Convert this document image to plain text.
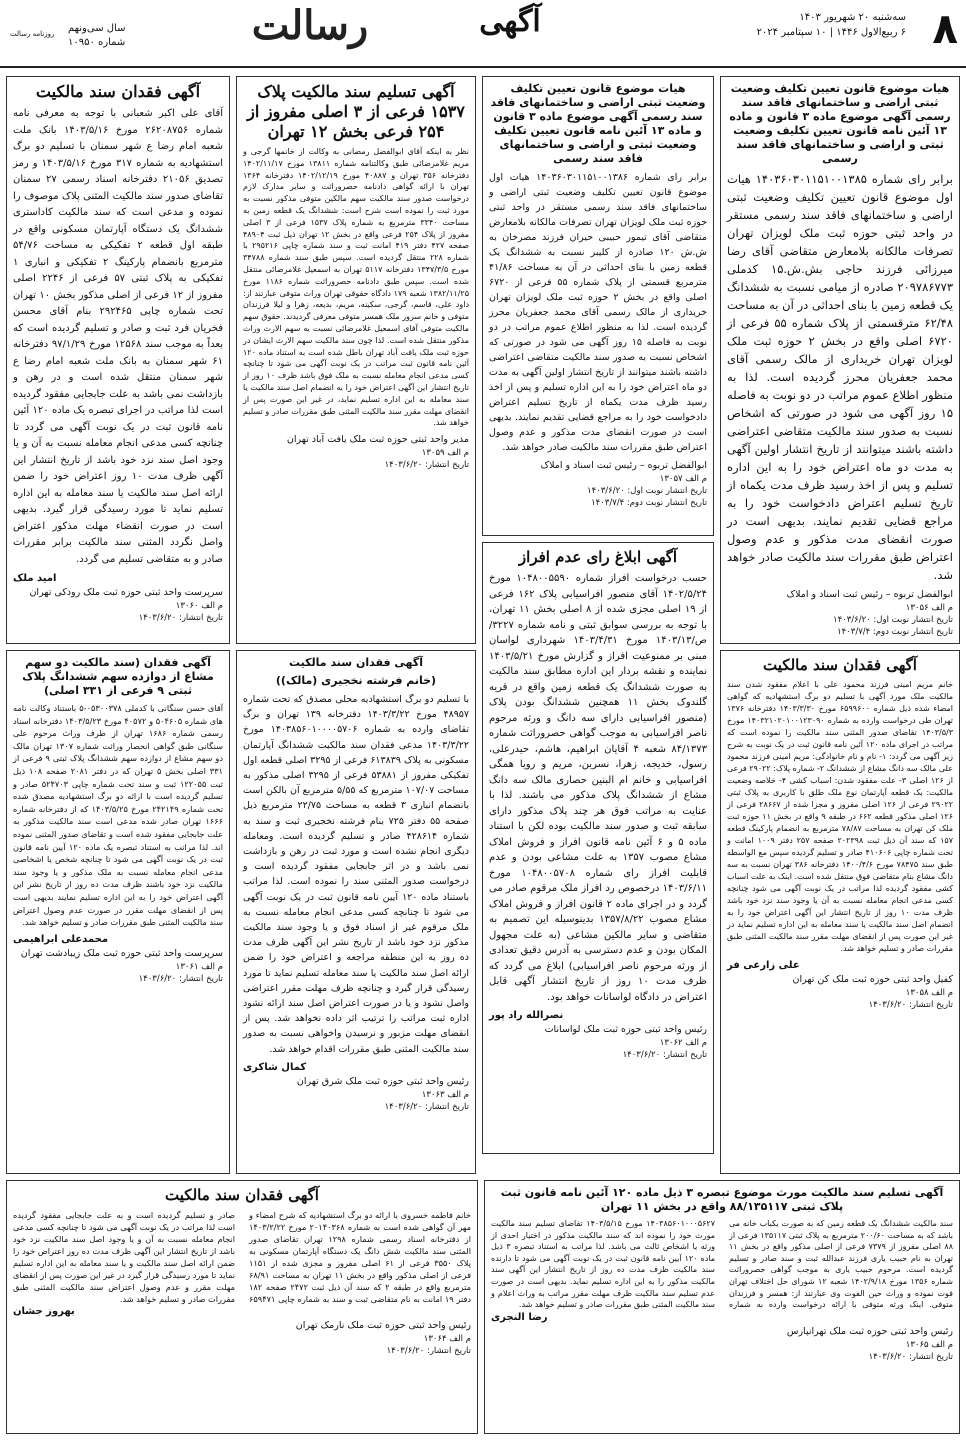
۸
سه‌شنبه ۲۰ شهریور ۱۴۰۳
۶ ربیع‌الاول ۱۴۴۶ | ۱۰ سپتامبر ۲۰۲۴
آگهی
رسالت
سال سی‌ونهم
شماره ۱۰۹۵۰
روزنامه رسالت
هیات موضوع قانون تعیین تکلیف وضعیت ثبتی اراضی و ساختمانهای فاقد سند رسمی آگهی موضوع ماده ۳ قانون و ماده ۱۳ آئین نامه قانون تعیین تکلیف وضعیت ثبتی و اراضی و ساختمانهای فاقد سند رسمی

برابر رای شماره ۱۴۰۳۶۰۳۰۱۱۵۱۰۰۱۳۸۵ هیات اول موضوع قانون تعیین تکلیف وضعیت ثبتی اراضی و ساختمانهای فاقد سند رسمی مستقر در واحد ثبتی حوزه ثبت ملک لویزان تهران تصرفات مالکانه بلامعارض متقاضی آقای رضا میرزائی فرزند حاجی بش.ش.۱۵ کدملی ۲۰۹۷۸۶۷۷۳ صادره از میامی نسبت به ششدانگ یک قطعه زمین با بنای احداثی در آن به مساحت ۶۲/۴۸ مترقسمتی از پلاک شماره ۵۵ فرعی از ۶۷۲۰ اصلی واقع در بخش ۲ حوزه ثبت ملک لویزان تهران خریداری از مالک رسمی آقای محمد جعفریان محرز گردیده است. لذا به منظور اطلاع عموم مراتب در دو نوبت به فاصله ۱۵ روز آگهی می شود در صورتی که اشخاص نسبت به صدور سند مالکیت متقاضی اعتراضی داشته باشند میتوانند از تاریخ انتشار اولین آگهی به مدت دو ماه اعتراض خود را به این اداره تسلیم و پس از اخذ رسید ظرف مدت یکماه از تاریخ تسلیم اعتراض دادخواست خود را به مراجع قضایی تقدیم نمایند. بدیهی است در صورت انقضای مدت مذکور و عدم وصول اعتراض طبق مقررات سند مالکیت صادر خواهد شد.

ابوالفضل تربوه – رئیس ثبت اسناد و املاک
م الف ۱۳۰۵۶
تاریخ انتشار نوبت اول: ۱۴۰۳/۶/۲۰
تاریخ انتشار نوبت دوم: ۱۴۰۳/۷/۴
هیات موضوع قانون تعیین تکلیف وضعیت ثبتی اراضی و ساختمانهای فاقد سند رسمی آگهی موضوع ماده ۳ قانون و ماده ۱۳ آئین نامه قانون تعیین تکلیف وضعیت ثبتی و اراضی و ساختمانهای فاقد سند رسمی

برابر رای شماره ۱۴۰۳۶۰۳۰۱۱۵۱۰۰۱۳۸۶ هیات اول موضوع قانون تعیین تکلیف وضعیت ثبتی اراضی و ساختمانهای فاقد سند رسمی مستقر در واحد ثبتی حوزه ثبت ملک لویزان تهران تصرفات مالکانه بلامعارض متقاضی آقای تیمور حبیبی حیران فرزند مصرخان به ش.ش ۱۲۰ صادره از کلیبر نسبت به ششدانگ یک قطعه زمین با بنای احداثی در آن به مساحت ۴۱/۸۶ مترمربع قسمتی از پلاک شماره ۵۵ فرعی از ۶۷۲۰ اصلی واقع در بخش ۲ حوزه ثبت ملک لویزان تهران خریداری از مالک رسمی آقای محمد جعفریان محرز گردیده است. لذا به منظور اطلاع عموم مراتب در دو نوبت به فاصله ۱۵ روز آگهی می شود در صورتی که اشخاص نسبت به صدور سند مالکیت متقاضی اعتراضی داشته باشند میتوانند از تاریخ انتشار اولین آگهی به مدت دو ماه اعتراض خود را به این اداره تسلیم و پس از اخذ رسید ظرف مدت یکماه از تاریخ تسلیم اعتراض دادخواست خود را به مراجع قضایی تقدیم نمایند. بدیهی است در صورت انقضای مدت مذکور و عدم وصول اعتراض طبق مقررات سند مالکیت صادر خواهد شد.

ابوالفضل تربوه – رئیس ثبت اسناد و املاک
م الف ۱۳۰۵۷
تاریخ انتشار نوبت اول: ۱۴۰۳/۶/۲۰
تاریخ انتشار نوبت دوم: ۱۴۰۳/۷/۴
آگهی ابلاغ رای عدم افراز

حسب درخواست افراز شماره ۱۰۴۸۰۰۵۵۹۰ مورخ ۱۴۰۲/۵/۲۴ آقای منصور افراسیابی پلاک ۱۶۲ فرعی از ۱۹ اصلی مجزی شده از ۸ اصلی بخش ۱۱ تهران، با توجه به بررسی سوابق ثبتی و نامه شماره ۳۲۲۷/ص/۱۴۰۳/۱۳ مورخ ۱۴۰۳/۴/۳۱ شهرداری لواسان مبنی بر ممنوعیت افراز و گزارش مورخ ۱۴۰۳/۵/۲۱ نماینده و نقشه بردار این اداره مطابق سند مالکیت به صورت ششدانگ یک قطعه زمین واقع در قریه گلندوک بخش ۱۱ همچنین ششدانگ بودن پلاک (منصور افراسیابی دارای سه دانگ و ورثه مرحوم ناصر افراسیابی به موجب گواهی حصروراثت شماره ۸۴/۱۳۷۳ شعبه ۴ آقایان ابراهیم، هاشم، حیدرعلی، رسول، خدیجه، زهرا، نسرین، مریم و رویا همگی افراسیابی و خانم ام البنین حصاری مالک سه دانگ مشاع از ششدانگ پلاک مذکور می باشند. لذا با عنایت به مراتب فوق هر چند پلاک مذکور دارای سابقه ثبت و صدور سند مالکیت بوده لکن با استناد ماده ۵ و ۶ آئین نامه قانون افراز و فروش املاک مشاع مصوب ۱۳۵۷ به علت مشاعی بودن و عدم قابلیت افراز رای شماره ۱۰۴۸۰۰۵۷۰۸ مورخ ۱۴۰۳/۶/۱۱ درخصوص رد افراز ملک مرقوم صادر می گردد و در اجرای ماده ۲ قانون افراز و فروش املاک مشاع مصوب ۱۳۵۷/۸/۲۲ بدینوسیله این تصمیم به متقاضی و سایر مالکین مشاعی (به علت مجهول المکان بودن و عدم دسترسی به آدرس دقیق تعدادی از ورثه مرحوم ناصر افراسیابی) ابلاغ می گردد که ظرف مدت ۱۰ روز از تاریخ انتشار آگهی قابل اعتراض در دادگاه لواسانات خواهد بود.

نصرالله راد پور
رئیس واحد ثبتی حوزه ثبت ملک لواسانات
م الف ۱۳۰۶۲
تاریخ انتشار: ۱۴۰۳/۶/۲۰
آگهی تسلیم سند مالکیت پلاک ۱۵۳۷ فرعی از ۳ اصلی مفروز از ۲۵۴ فرعی بخش ۱۲ تهران

نظر به اینکه آقای ابوالفضل رمضانی به وکالت از خانمها گرجی و مریم غلامرضائی طبق وکالتنامه شماره ۱۳۸۱۱ مورخ ۱۴۰۲/۱۱/۱۷ دفترخانه ۳۵۶ تهران و ۴۰۸۸۷ مورخ ۱۴۰۲/۱۲/۱۹ دفترخانه ۱۳۶۴ تهران با ارائه گواهی دادنامه حصروراثت و سایر مدارک لازم درخواست صدور سند مالکیت سهم مالکین متوفی مذکور نسبت به مورد ثبت را نموده است شرح است: ششدانگ یک قطعه زمین به مساحت ۳۳۴۰ مترمربع به شماره پلاک ۱۵۳۷ فرعی از ۳ اصلی مفروز از پلاک ۲۵۴ فرعی واقع در بخش ۱۲ تهران ذیل ثبت ۴۸۹۰۴ صفحه ۴۲۷ دفتر ۴۱۹ امانت ثبت و سند شماره چاپی ۲۹۵۲۱۶ با شماره ۲۲۸ منتقل گردیده است. سپس طبق سند شماره ۳۴۷۸۸ مورخ ۱۳۴۷/۳/۵ دفترخانه ۵۱۱۷ تهران به اسمعیل غلامرضائی منتقل شده است. سپس طبق دادنامه حصروراثت شماره ۱۱۸۶ مورخ ۱۳۸۲/۱۱/۲۵ شعبه ۱۷۹ دادگاه حقوقی تهران وراث متوفی عبارتند از: داود علی، قاسم، گرجی، سکینه، مریم، بدیعه، زهرا و لیلا فرزندان متوفی و خانم سرور ملک همسر متوفی معرفی گردیدند. حقوق سهم مالکیت متوفی آقای اسمعیل غلامرضائی نسبت به سهم الارث وراث مذکور منتقل شده است. لذا چون سند مالکیت سهم الارث ایشان در حوزه ثبت ملک یافت آباد تهران باطل شده است به استناد ماده ۱۲۰ آئین نامه قانون ثبت مراتب در یک نوبت آگهی می شود تا چنانچه کسی مدعی انجام معامله نسبت به ملک فوق باشد ظرف ۱۰ روز از تاریخ انتشار این آگهی اعتراض خود را به انضمام اصل سند مالکیت یا سند معامله به این اداره تسلیم نماید، در غیر این صورت پس از انقضای مهلت مقرر سند مالکیت المثنی طبق مقررات صادر و تسلیم خواهد شد.

مدیر واحد ثبتی حوزه ثبت ملک یافت آباد تهران
م الف ۱۳۰۵۹
تاریخ انتشار: ۱۴۰۳/۶/۲۰
آگهی فقدان سند مالکیت

آقای علی اکبر شعبانی با توجه به معرفی نامه شماره ۲۶۲۰۸۷۵۶ مورخ ۱۴۰۳/۵/۱۶ بانک ملت شعبه امام رضا ع شهر سمنان با تسلیم دو برگ استشهادیه به شماره ۳۱۷ مورخ ۱۴۰۳/۵/۱۶ و رمز تصدیق ۲۱۰۵۶ دفترخانه اسناد رسمی ۲۷ سمنان تقاضای صدور سند مالکیت المثنی پلاک موصوف را نموده و مدعی است که سند مالکیت کاداستری ششدانگ یک دستگاه آپارتمان مسکونی واقع در طبقه اول قطعه ۲ تفکیکی به مساحت ۵۴/۷۶ مترمربع بانضمام پارکینگ ۲ تفکیکی و انباری ۱ تفکیکی به پلاک ثبتی ۵۷ فرعی از ۲۲۴۶ اصلی مفروز از ۱۲ فرعی از اصلی مذکور بخش ۱۰ تهران تحت شماره چاپی ۲۹۲۴۶۵ بنام آقای محسن فخریان فرد ثبت و صادر و تسلیم گردیده است که بعداً به موجب سند ۱۲۵۶۸ مورخ ۹۷/۱/۲۹ دفترخانه ۶۱ شهر سمنان به بانک ملت شعبه امام رضا ع شهر سمنان منتقل شده است و در رهن و بازداشت نمی باشد به علت جابجایی مفقود گردیده است لذا مراتب در اجرای تبصره یک ماده ۱۲۰ آئین نامه قانون ثبت در یک نوبت آگهی می گردد تا چنانچه کسی مدعی انجام معامله نسبت به آن و یا وجود اصل سند نزد خود باشد از تاریخ انتشار این آگهی ظرف مدت ۱۰ روز اعتراض خود را ضمن ارائه اصل سند مالکیت یا سند معامله به این اداره تسلیم نماید تا مورد رسیدگی قرار گیرد. بدیهی است در صورت انقضاء مهلت مذکور اعتراض واصل نگردد المثنی سند مالکیت برابر مقررات صادر و به متقاضی تسلیم می گردد.

امید ملک
سرپرست واحد ثبتی حوزه ثبت ملک رودکی تهران
م الف ۱۳۰۶۰
تاریخ انتشار: ۱۴۰۳/۶/۲۰
آگهی فقدان سند مالکیت

خانم مریم امینی فرزند محمود علی با اعلام مفقود شدن سند مالکیت ملک مورد آگهی با تسلیم دو برگ استشهادیه که گواهی امضاء شده ذیل شماره ۶۵۹۹۶۰۰ مورخ ۱۴۰۳/۳/۳۰ دفترخانه ۱۳۷۶ تهران طی درخواست وارده به شماره ۱۴۰۳۲۱۰۲۰۱۰۰۱۲۳۰۹۰ مورخ ۱۴۰۳/۵/۳ تقاضای صدور المثنی سند مالکیت را نموده است که مراتب در اجرای ماده ۱۲۰ آئین نامه قانون ثبت در یک نوبت به شرح زیر آگهی می گردد: ۱- نام و نام خانوادگی: مریم امینی فرزند محمود علی مالک سه دانگ مشاع از ششدانگ ۲- شماره پلاک: ۲۹۰۲۲ فرعی از ۱۲۶ اصلی ۳- علت مفقود شدن: اسباب کشی ۴- خلاصه وضعیت مالکیت: یک قطعه آپارتمان نوع ملک طلق با کاربری به پلاک ثبتی ۲۹۰۲۲ فرعی از ۱۲۶ اصلی مفروز و مجزا شده از ۲۸۶۶۷ فرعی از ۱۲۶ اصلی مذکور قطعه ۶۶۲ در طبقه ۹ واقع در بخش ۱۱ حوزه ثبت ملک کن تهران به مساحت ۷۸/۸۷ مترمربع به انضمام پارکینگ قطعه ۱۵۷ که سند آن ذیل ثبت ۲۰۲۳۹۸ صفحه ۲۵۷ دفتر ۱۰۰۹ امانت و تحت شماره چاپی ۴۱۰۶۰۶ صادر و تسلیم گردیده سپس مع الواسطه طبق سند ۷۸۴۷۵ مورخ ۱۴۰۰/۴/۶ دفترخانه ۳۸۶ تهران نسبت به سه دانگ مشاع بنام متقاضی فوق منتقل شده است. اینک به علت اسباب کشی مفقود گردیده لذا مراتب در یک نوبت آگهی می شود چنانچه کسی مدعی انجام معامله نسبت به آن یا وجود سند نزد خود باشد ظرف مدت ۱۰ روز از تاریخ انتشار این آگهی اعتراض خود را به انضمام اصل سند مالکیت یا سند معامله به این اداره تسلیم نماید در غیر این صورت پس از انقضای مهلت مقرر سند مالکیت المثنی طبق مقررات صادر و تسلیم خواهد شد.

علی زارعی فر
کفیل واحد ثبتی حوزه ثبت ملک کن تهران
م الف ۱۳۰۵۸
تاریخ انتشار: ۱۴۰۳/۶/۲۰
آگهی فقدان سند مالکیت
(خانم فرشته نخجیری (مالک))

با تسلیم دو برگ استشهادیه محلی مصدق که تحت شماره ۴۸۹۵۷ مورخ ۱۴۰۳/۳/۲۲ دفترخانه ۱۳۹ تهران و برگ تقاضای وارده به شماره ۱۴۰۳۸۵۶۰۱۰۰۰۰۵۷۰۶ مورخ ۱۴۰۳/۳/۲۲ مدعی فقدان سند مالکیت ششدانگ آپارتمان مسکونی به پلاک ۶۱۳۸۳۹ فرعی از ۳۲۹۵ اصلی قطعه اول تفکیکی مفروز از ۵۳۸۸۱ فرعی از ۳۲۹۵ اصلی مذکور به مساحت ۱۰۷/۰۷ مترمربع که ۵/۵۵ مترمربع آن بالکن است بانضمام انباری ۳ قطعه به مساحت ۲۲/۷۵ مترمربع ذیل صفحه ۵۵ دفتر ۷۲۵ بنام فرشته نخجیری ثبت و سند به شماره ۴۲۸۶۱۴ صادر و تسلیم گردیده است. ومعامله دیگری انجام نشده است و مورد ثبت در رهن و بازداشت نمی باشد و در اثر جابجایی مفقود گردیده است و درخواست صدور المثنی سند را نموده است. لذا مراتب باستناد ماده ۱۲۰ آیین نامه قانون ثبت در یک نوبت آگهی می شود تا چنانچه کسی مدعی انجام معامله نسبت به ملک مرقوم غیر از اسناد فوق و یا وجود سند مالکیت مذکور نزد خود باشد از تاریخ نشر این آگهی ظرف مدت ده روز به این منطقه مراجعه و اعتراض خود را ضمن ارائه اصل سند مالکیت یا سند معامله تسلیم نماید تا مورد رسیدگی قرار گیرد و چنانچه ظرف مهلت مقرر اعتراضی واصل نشود و یا در صورت اعتراض اصل سند ارائه نشود اداره ثبت مراتب را ترتیب اثر داده نخواهد شد. پس از انقضای مهلت مزبور و نرسیدن واخواهی نسبت به صدور سند مالکیت المثنی طبق مقررات اقدام خواهد شد.

کمال شاکری
رئیس واحد ثبتی حوزه ثبت ملک شرق تهران
م الف ۱۳۰۶۳
تاریخ انتشار: ۱۴۰۳/۶/۲۰
آگهی فقدان (سند مالکیت دو سهم مشاع از دوازده سهم ششدانگ پلاک ثبتی ۹ فرعی از ۳۳۱ اصلی)

آقای حسن سنگانی با کدملی ۰۵۳۰۰۳۷۸-۵ باستناد وکالت نامه های شماره ۵۰۴۶۰۵ و ۴۰۵۷۲ مورخ ۱۴۰۳/۵/۲۳ دفترخانه اسناد رسمی شماره ۱۶۸۶ تهران از طرف وراث مرحوم علی سنگانی طبق گواهی انحصار وراثت شماره ۱۳۰۷ تهران مالک دو سهم مشاع از دوازده سهم ششدانگ پلاک ثبتی ۹ فرعی از ۳۳۱ اصلی بخش ۵ تهران که در دفتر ۲۰۸۱ صفحه ۱۰۸ ذیل ثبت ۱۲۲۰۵۵ ثبت و سند تحت شماره چاپی ۵۲۴۷۰۳ صادر و تسلیم گردیده است با ارائه دو برگ استشهادیه مصدق شده تحت شماره ۲۴۲۱۴۹ مورخ ۱۴۰۳/۵/۲۵ که از دفترخانه شماره ۱۶۶۶ تهران صادر شده مدعی است سند مالکیت مذکور به علت جابجایی مفقود شده است و تقاضای صدور المثنی نموده اند. لذا مراتب به استناد تبصره یک ماده ۱۲۰ آیین نامه قانون ثبت در یک نوبت آگهی می شود تا چنانچه شخص یا اشخاصی مدعی انجام معامله نسبت به ملک مذکور و یا وجود سند مالکیت نزد خود باشند ظرف مدت ده روز از تاریخ نشر این آگهی اعتراض خود را به این اداره تسلیم نمایند بدیهی است پس از انقضای مهلت مقرر در صورت عدم وصول اعتراض سند مالکیت المثنی طبق مقررات صادر و تسلیم خواهد شد.

محمدعلی ابراهیمی
سرپرست واحد ثبتی حوزه ثبت ملک زیبادشت تهران
م الف ۱۳۰۶۱
تاریخ انتشار: ۱۴۰۳/۶/۲۰
آگهی تسلیم سند مالکیت مورث موضوع تبصره ۳ ذیل ماده ۱۲۰ آئین نامه قانون ثبت پلاک ثبتی ۸۸/۱۳۵۱۱۷ واقع در بخش ۱۱ تهران
سند مالکیت ششدانگ یک قطعه زمین که به صورت یکباب خانه می باشد که به مساحت ۲۰۰/۶۰ مترمربع به پلاک ثبتی ۱۳۵۱۱۷ فرعی از ۸۸ اصلی مفروز از ۷۳۷۹ فرعی از اصلی مذکور واقع در بخش ۱۱ تهران به نام حبیب یاری فرزند عبدالله ثبت و سند صادر و تسلیم گردیده است. مرحوم حبیب یاری به موجب گواهی حصروراثت شماره ۱۳۵۶ مورخ ۱۴۰۲/۹/۱۸ شعبه ۱۲ شورای حل اختلاف تهران فوت نموده و وراث حین الفوت وی عبارتند از: همسر و فرزندان متوفی. اینک ورثه متوفی با ارائه درخواست وارده به شماره ۱۴۰۳۸۵۶۰۱۰۰۰۵۶۲۷ مورخ ۱۴۰۳/۵/۱۵ تقاضای تسلیم سند مالکیت مورث خود را نموده اند که سند مالکیت مذکور در اختیار احدی از ورثه یا اشخاص ثالث می باشد. لذا مراتب به استناد تبصره ۳ ذیل ماده ۱۲۰ آیین نامه قانون ثبت در یک نوبت آگهی می شود تا دارنده سند مالکیت ظرف مدت ده روز از تاریخ انتشار این آگهی سند مالکیت مذکور را به این اداره تسلیم نماید. بدیهی است در صورت عدم تسلیم سند مالکیت ظرف مهلت مقرر مراتب به وراث اعلام و سند مالکیت المثنی طبق مقررات صادر و تسلیم خواهد شد.
رضا النجری
رئیس واحد ثبتی حوزه ثبت ملک تهرانپارس
م الف ۱۳۰۶۵
تاریخ انتشار: ۱۴۰۳/۶/۲۰
آگهی فقدان سند مالکیت
خانم فاطمه خسروی با ارائه دو برگ استشهادیه که شرح امضاء و مهر آن گواهی شده است به شماره ۲۰۱۴۰۳۶۸ مورخ ۱۴۰۳/۲/۲۲ از دفترخانه اسناد رسمی شماره ۱۲۹۸ تهران تقاضای صدور المثنی سند مالکیت شش دانگ یک دستگاه آپارتمان مسکونی به پلاک ۳۵۵۰ فرعی از ۶۱ اصلی مفروز و مجزی شده از ۱۱۵۱ فرعی از اصلی مذکور واقع در بخش ۱۱ تهران به مساحت ۶۸/۹۱ مترمربع واقع در طبقه ۲ که سند آن ذیل ثبت ۲۴۷۲ صفحه ۱۸۲ دفتر ۱۹ امانت به نام متقاضی ثبت و سند به شماره چاپی ۶۵۹۴۷۱ صادر و تسلیم گردیده است و به علت جابجایی مفقود گردیده است لذا مراتب در یک نوبت آگهی می شود تا چنانچه کسی مدعی انجام معامله نسبت به آن و یا وجود اصل سند مالکیت نزد خود باشد از تاریخ انتشار این آگهی ظرف مدت ده روز اعتراض خود را ضمن ارائه اصل سند مالکیت و یا سند معامله به این اداره تسلیم نماید تا مورد رسیدگی قرار گیرد در غیر این صورت پس از انقضای مهلت مقرر و عدم وصول اعتراض سند مالکیت المثنی طبق مقررات صادر و تسلیم خواهد شد.
بهروز جشان
رئیس واحد ثبتی حوزه ثبت ملک نارمک تهران
م الف ۱۳۰۶۴
تاریخ انتشار: ۱۴۰۳/۶/۲۰
